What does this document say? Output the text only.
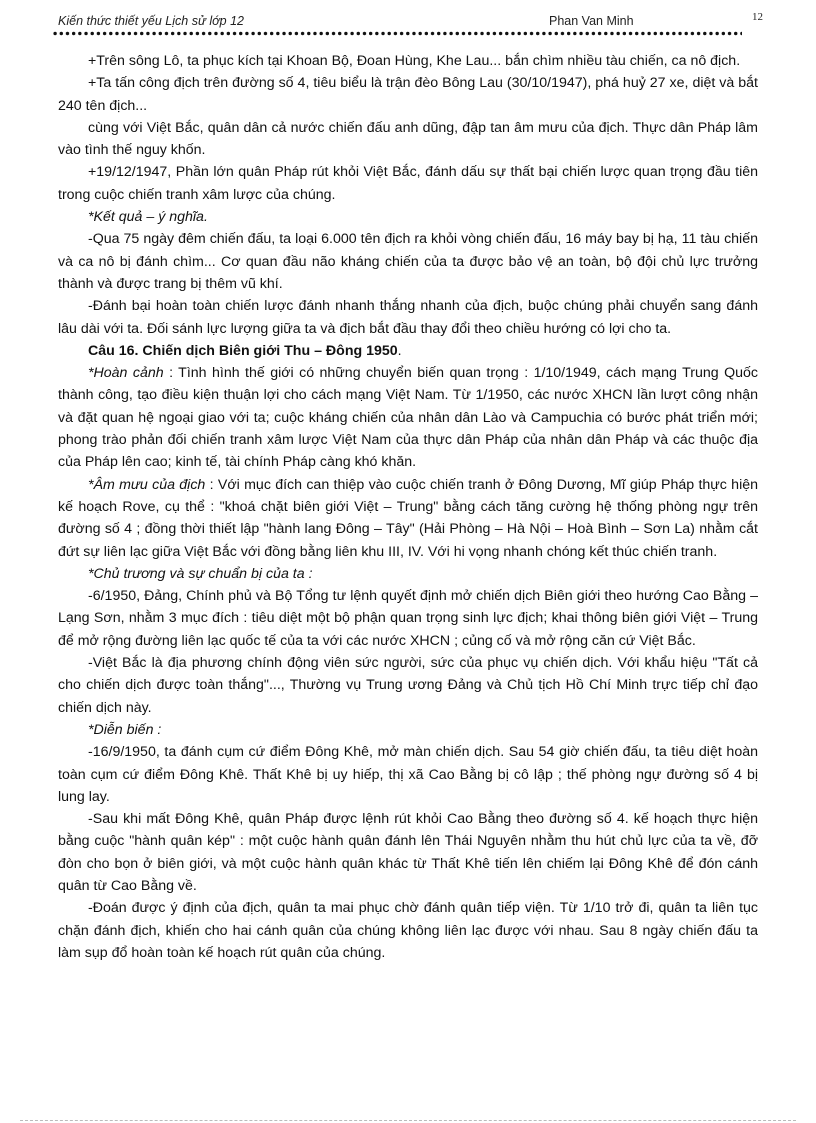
Kiến thức thiết yếu Lịch sử lớp 12	Phan Van Minh	12

+Trên sông Lô, ta phục kích tại Khoan Bộ, Đoan Hùng, Khe Lau... bắn chìm nhiều tàu chiến, ca nô địch.

+Ta tấn công địch trên đường số 4, tiêu biểu là trận đèo Bông Lau (30/10/1947), phá huỷ 27 xe, diệt và bắt 240 tên địch...

cùng với Việt Bắc, quân dân cả nước chiến đấu anh dũng, đập tan âm mưu của địch. Thực dân Pháp lâm vào tình thế nguy khốn.

+19/12/1947, Phần lớn quân Pháp rút khỏi Việt Bắc, đánh dấu sự thất bại chiến lược quan trọng đầu tiên trong cuộc chiến tranh xâm lược của chúng.

*Kết quả – ý nghĩa.

-Qua 75 ngày đêm chiến đấu, ta loại 6.000 tên địch ra khỏi vòng chiến đấu, 16 máy bay bị hạ, 11 tàu chiến và ca nô bị đánh chìm... Cơ quan đầu não kháng chiến của ta được bảo vệ an toàn, bộ đội chủ lực trưởng thành và được trang bị thêm vũ khí.

-Đánh bại hoàn toàn chiến lược đánh nhanh thắng nhanh của địch, buộc chúng phải chuyển sang đánh lâu dài với ta. Đối sánh lực lượng giữa ta và địch bắt đầu thay đổi theo chiều hướng có lợi cho ta.

Câu 16. Chiến dịch Biên giới Thu – Đông 1950.

*Hoàn cảnh : Tình hình thế giới có những chuyển biến quan trọng : 1/10/1949, cách mạng Trung Quốc thành công, tạo điều kiện thuận lợi cho cách mạng Việt Nam. Từ 1/1950, các nước XHCN lần lượt công nhận và đặt quan hệ ngoại giao với ta; cuộc kháng chiến của nhân dân Lào và Campuchia có bước phát triển mới; phong trào phản đối chiến tranh xâm lược Việt Nam của thực dân Pháp của nhân dân Pháp và các thuộc địa của Pháp lên cao; kinh tế, tài chính Pháp càng khó khăn.

*Âm mưu của địch : Với mục đích can thiệp vào cuộc chiến tranh ở Đông Dương, Mĩ giúp Pháp thực hiện kế hoạch Rove, cụ thể : "khoá chặt biên giới Việt – Trung" bằng cách tăng cường hệ thống phòng ngự trên đường số 4 ; đồng thời thiết lập "hành lang Đông – Tây" (Hải Phòng – Hà Nội – Hoà Bình – Sơn La) nhằm cắt đứt sự liên lạc giữa Việt Bắc với đồng bằng liên khu III, IV. Với hi vọng nhanh chóng kết thúc chiến tranh.

*Chủ trương và sự chuẩn bị của ta :

-6/1950, Đảng, Chính phủ và Bộ Tổng tư lệnh quyết định mở chiến dịch Biên giới theo hướng Cao Bằng – Lạng Sơn, nhằm 3 mục đích : tiêu diệt một bộ phận quan trọng sinh lực địch; khai thông biên giới Việt – Trung để mở rộng đường liên lạc quốc tế của ta với các nước XHCN ; củng cố và mở rộng căn cứ Việt Bắc.

-Việt Bắc là địa phương chính động viên sức người, sức của phục vụ chiến dịch. Với khẩu hiệu "Tất cả cho chiến dịch được toàn thắng"..., Thường vụ Trung ương Đảng và Chủ tịch Hồ Chí Minh trực tiếp chỉ đạo chiến dịch này.

*Diễn biến :

-16/9/1950, ta đánh cụm cứ điểm Đông Khê, mở màn chiến dịch. Sau 54 giờ chiến đấu, ta tiêu diệt hoàn toàn cụm cứ điểm Đông Khê. Thất Khê bị uy hiếp, thị xã Cao Bằng bị cô lập ; thế phòng ngự đường số 4 bị lung lay.

-Sau khi mất Đông Khê, quân Pháp được lệnh rút khỏi Cao Bằng theo đường số 4. kế hoạch thực hiện bằng cuộc "hành quân kép" : một cuộc hành quân đánh lên Thái Nguyên nhằm thu hút chủ lực của ta về, đỡ đòn cho bọn ở biên giới, và một cuộc hành quân khác từ Thất Khê tiến lên chiếm lại Đông Khê để đón cánh quân từ Cao Bằng về.

-Đoán được ý định của địch, quân ta mai phục chờ đánh quân tiếp viện. Từ 1/10 trở đi, quân ta liên tục chặn đánh địch, khiến cho hai cánh quân của chúng không liên lạc được với nhau. Sau 8 ngày chiến đấu ta làm sụp đổ hoàn toàn kế hoạch rút quân của chúng.
